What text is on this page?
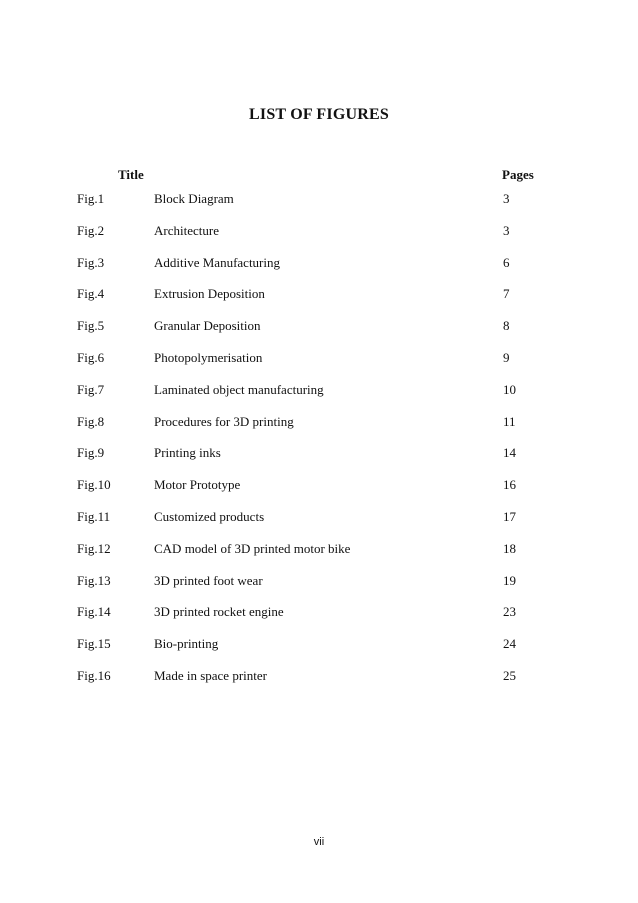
LIST OF FIGURES
Title	Pages
Fig.1	Block Diagram	3
Fig.2	Architecture	3
Fig.3	Additive Manufacturing	6
Fig.4	Extrusion Deposition	7
Fig.5	Granular Deposition	8
Fig.6	Photopolymerisation	9
Fig.7	Laminated object manufacturing	10
Fig.8	Procedures for 3D printing	11
Fig.9	Printing inks	14
Fig.10	Motor Prototype	16
Fig.11	Customized products	17
Fig.12	CAD model of 3D printed motor bike	18
Fig.13	3D printed foot wear	19
Fig.14	3D printed rocket engine	23
Fig.15	Bio-printing	24
Fig.16	Made in space printer	25
vii
